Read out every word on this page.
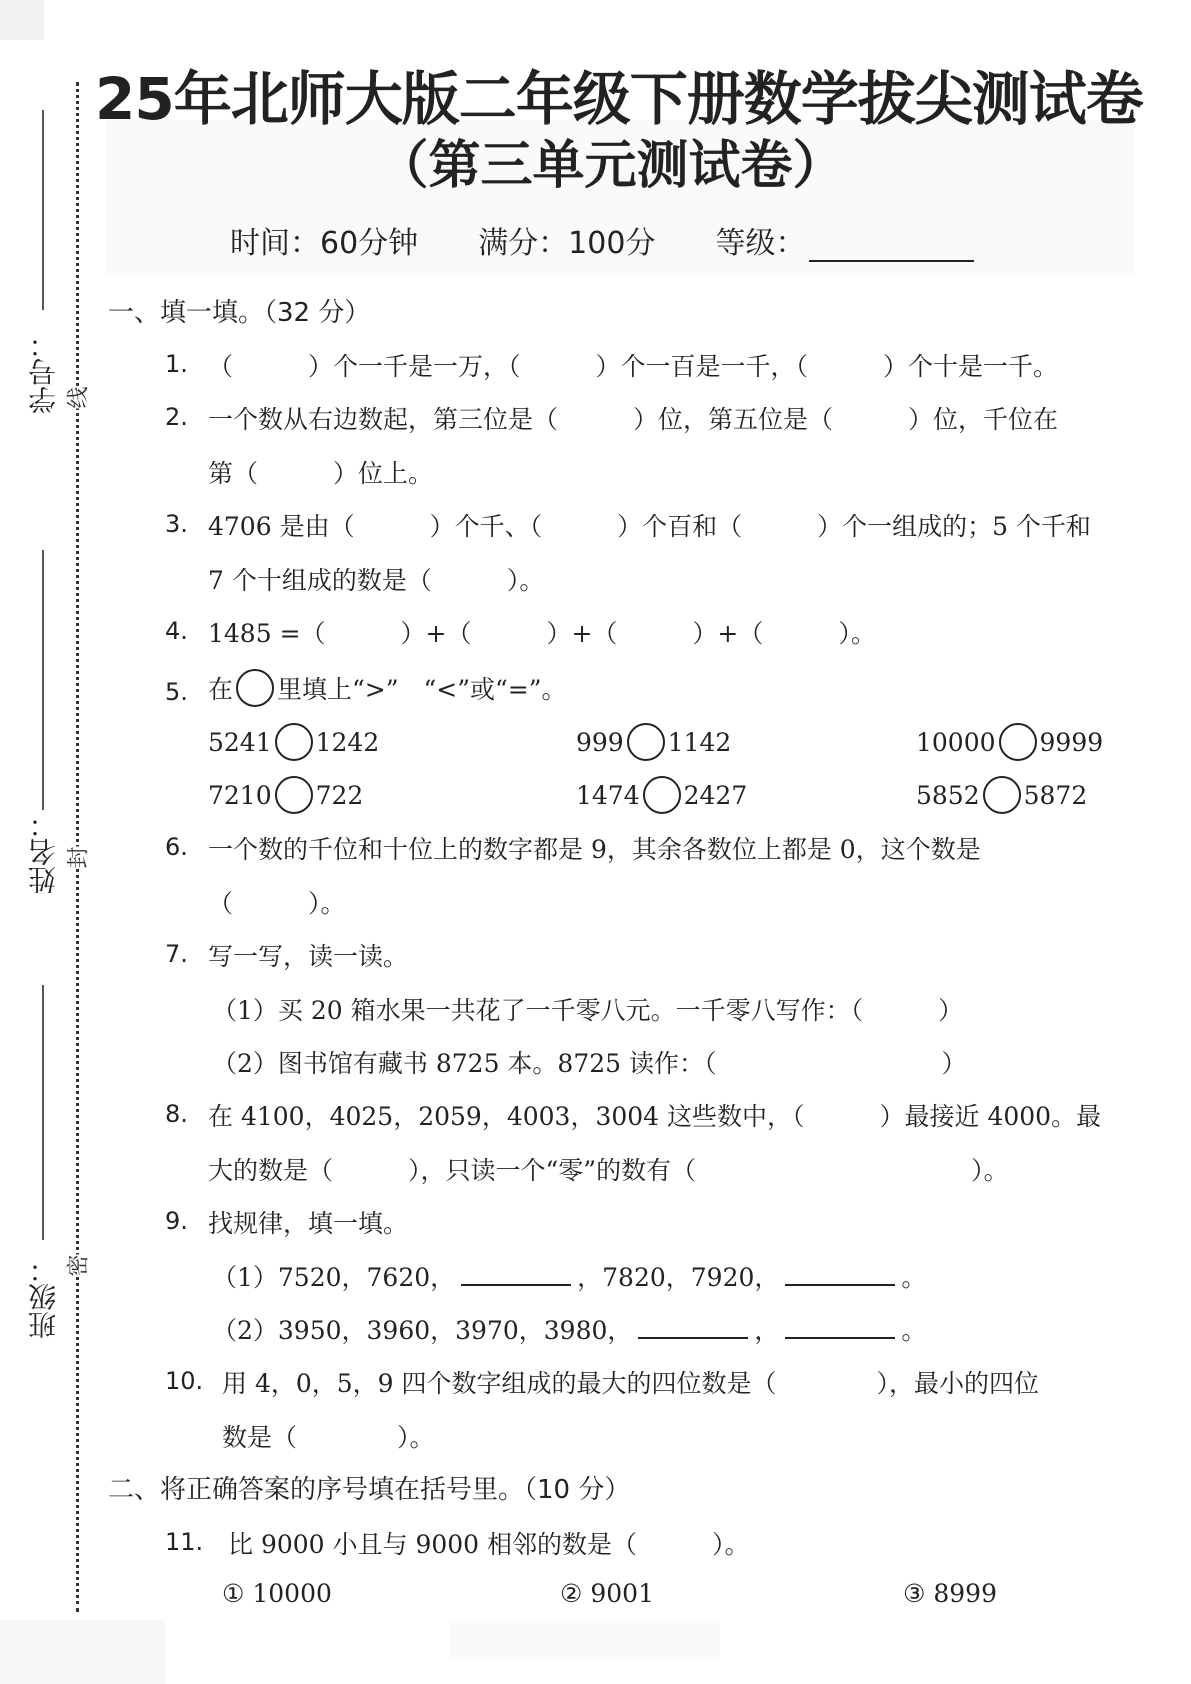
25年北师大版二年级下册数学拔尖测试卷
（第三单元测试卷）
时间：60分钟 满分：100分 等级：
学号： 线
姓名： 封
班级： 密
一、填一填。（32 分）
1. （　　　）个一千是一万，（　　　）个一百是一千，（　　　）个十是一千。
2. 一个数从右边数起，第三位是（　　　）位，第五位是（　　　）位，千位在
第（　　　）位上。
3. 4706 是由（　　　）个千、（　　　）个百和（　　　）个一组成的；5 个千和
7 个十组成的数是（　　　）。
4. 1485 =（　　　）+（　　　）+（　　　）+（　　　）。
5. 在 里填上“>”　“<”或“=”。
5241 1242	999 1142	10000 9999
7210 722	1474 2427	5852 5872
6. 一个数的千位和十位上的数字都是 9，其余各数位上都是 0，这个数是
（　　　）。
7. 写一写，读一读。
（1）买 20 箱水果一共花了一千零八元。一千零八写作：（　　　）
（2）图书馆有藏书 8725 本。8725 读作：（　　　　　　　　　）
8. 在 4100，4025，2059，4003，3004 这些数中，（　　　）最接近 4000。最
大的数是（　　　），只读一个“零”的数有（　　　　　　　　　　　）。
9. 找规律，填一填。
（1）7520，7620，	，7820，7920，	。
（2）3950，3960，3970，3980，	，	。
10. 用 4，0，5，9 四个数字组成的最大的四位数是（　　　　），最小的四位
数是（　　　　）。
二、将正确答案的序号填在括号里。（10 分）
11. 比 9000 小且与 9000 相邻的数是（　　　）。
① 10000	② 9001	③ 8999
